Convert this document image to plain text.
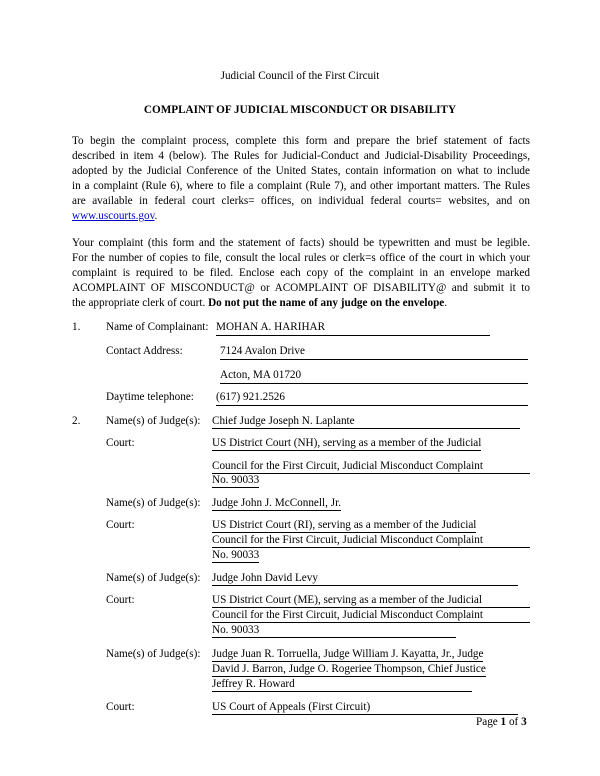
Judicial Council of the First Circuit
COMPLAINT OF JUDICIAL MISCONDUCT OR DISABILITY
To begin the complaint process, complete this form and prepare the brief statement of facts
described in item 4 (below). The Rules for Judicial-Conduct and Judicial-Disability Proceedings,
adopted by the Judicial Conference of the United States, contain information on what to include
in a complaint (Rule 6), where to file a complaint (Rule 7), and other important matters. The Rules
are available in federal court clerks= offices, on individual federal courts= websites, and on
www.uscourts.gov.
Your complaint (this form and the statement of facts) should be typewritten and must be legible.
For the number of copies to file, consult the local rules or clerk=s office of the court in which your
complaint is required to be filed. Enclose each copy of the complaint in an envelope marked
ACOMPLAINT OF MISCONDUCT@ or ACOMPLAINT OF DISABILITY@ and submit it to
the appropriate clerk of court. Do not put the name of any judge on the envelope.
1. Name of Complainant: MOHAN A. HARIHAR
Contact Address:	7124 Avalon Drive
Acton, MA 01720
Daytime telephone: (617) 921.2526
2. Name(s) of Judge(s): Chief Judge Joseph N. Laplante
Court:	US District Court (NH), serving as a member of the Judicial
Council for the First Circuit, Judicial Misconduct Complaint
No. 90033
Name(s) of Judge(s): Judge John J. McConnell, Jr.
Court:	US District Court (RI), serving as a member of the Judicial
Council for the First Circuit, Judicial Misconduct Complaint
No. 90033
Name(s) of Judge(s): Judge John David Levy
Court:	US District Court (ME), serving as a member of the Judicial
Council for the First Circuit, Judicial Misconduct Complaint
No. 90033
Name(s) of Judge(s): Judge Juan R. Torruella, Judge William J. Kayatta, Jr., Judge
David J. Barron, Judge O. Rogeriee Thompson, Chief Justice
Jeffrey R. Howard
Court:	US Court of Appeals (First Circuit)
Page 1 of 3
